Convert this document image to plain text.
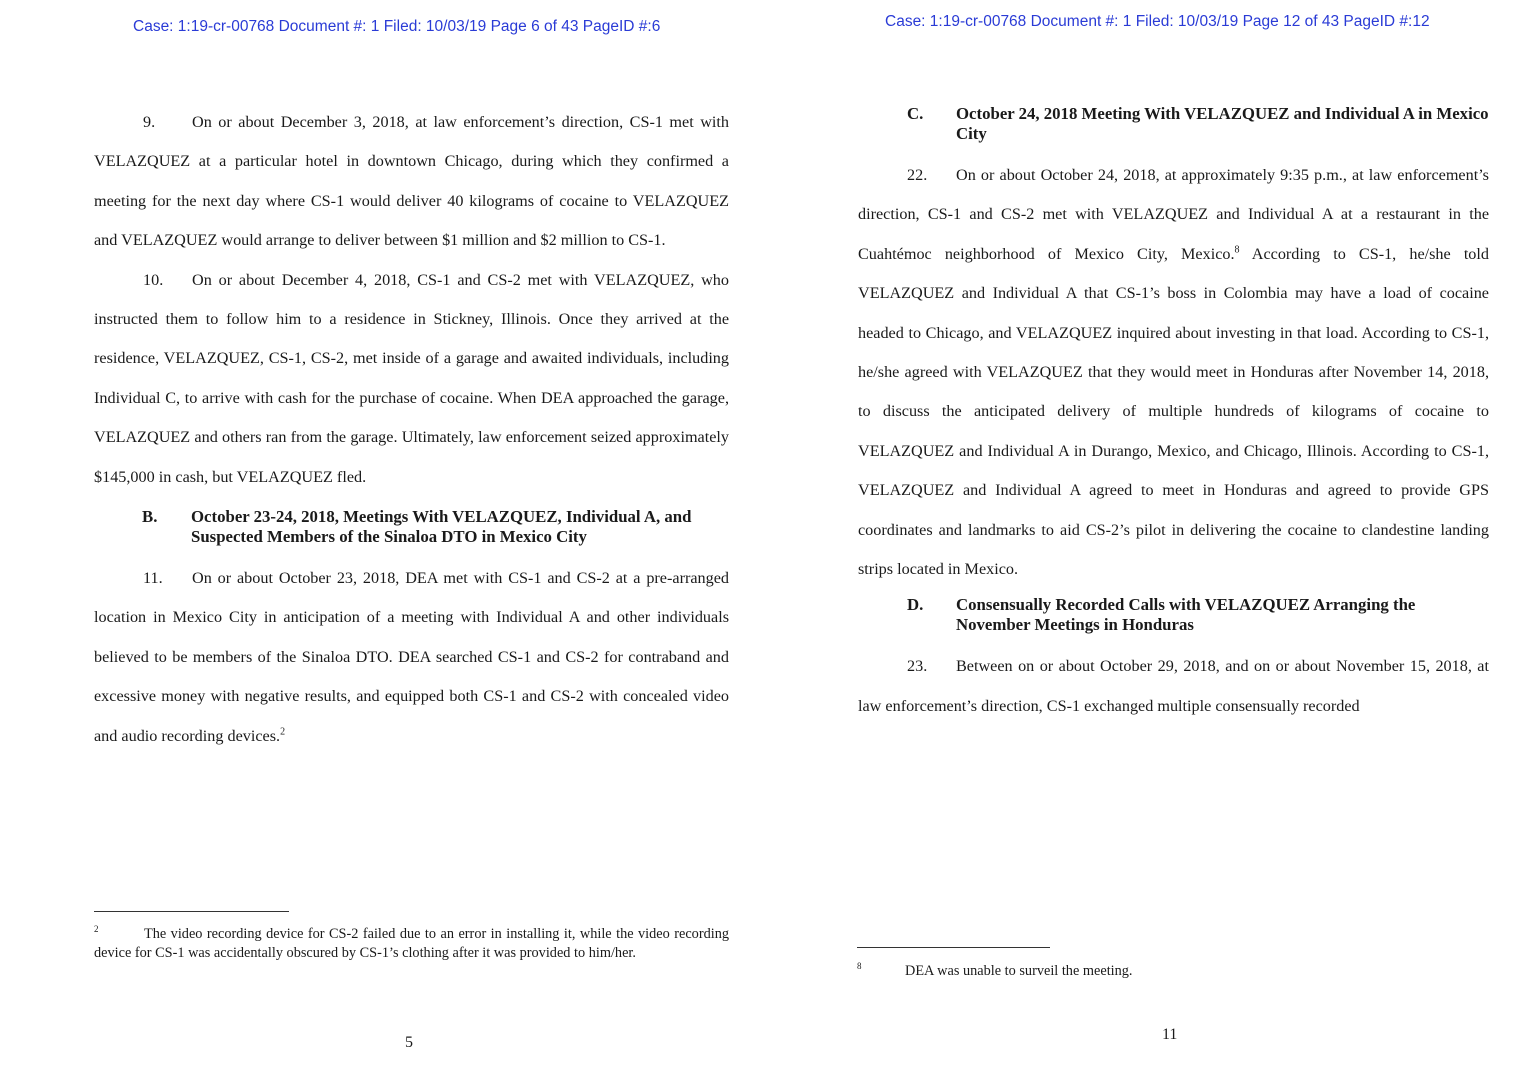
Case: 1:19-cr-00768 Document #: 1 Filed: 10/03/19 Page 6 of 43 PageID #:6

9. On or about December 3, 2018, at law enforcement’s direction, CS-1 met with VELAZQUEZ at a particular hotel in downtown Chicago, during which they confirmed a meeting for the next day where CS-1 would deliver 40 kilograms of cocaine to VELAZQUEZ and VELAZQUEZ would arrange to deliver between $1 million and $2 million to CS-1.

10. On or about December 4, 2018, CS-1 and CS-2 met with VELAZQUEZ, who instructed them to follow him to a residence in Stickney, Illinois. Once they arrived at the residence, VELAZQUEZ, CS-1, CS-2, met inside of a garage and awaited individuals, including Individual C, to arrive with cash for the purchase of cocaine. When DEA approached the garage, VELAZQUEZ and others ran from the garage. Ultimately, law enforcement seized approximately $145,000 in cash, but VELAZQUEZ fled.

B.	October 23-24, 2018, Meetings With VELAZQUEZ, Individual A, and Suspected Members of the Sinaloa DTO in Mexico City

11. On or about October 23, 2018, DEA met with CS-1 and CS-2 at a pre-arranged location in Mexico City in anticipation of a meeting with Individual A and other individuals believed to be members of the Sinaloa DTO. DEA searched CS-1 and CS-2 for contraband and excessive money with negative results, and equipped both CS-1 and CS-2 with concealed video and audio recording devices.$^2$

2	The video recording device for CS-2 failed due to an error in installing it, while the video recording device for CS-1 was accidentally obscured by CS-1’s clothing after it was provided to him/her.
5
Case: 1:19-cr-00768 Document #: 1 Filed: 10/03/19 Page 12 of 43 PageID #:12
C.	October 24, 2018 Meeting With VELAZQUEZ and Individual A in Mexico City

22. On or about October 24, 2018, at approximately 9:35 p.m., at law enforcement’s direction, CS-1 and CS-2 met with VELAZQUEZ and Individual A at a restaurant in the Cuahtémoc neighborhood of Mexico City, Mexico.$^8$ According to CS-1, he/she told VELAZQUEZ and Individual A that CS-1’s boss in Colombia may have a load of cocaine headed to Chicago, and VELAZQUEZ inquired about investing in that load. According to CS-1, he/she agreed with VELAZQUEZ that they would meet in Honduras after November 14, 2018, to discuss the anticipated delivery of multiple hundreds of kilograms of cocaine to VELAZQUEZ and Individual A in Durango, Mexico, and Chicago, Illinois. According to CS-1, VELAZQUEZ and Individual A agreed to meet in Honduras and agreed to provide GPS coordinates and landmarks to aid CS-2’s pilot in delivering the cocaine to clandestine landing strips located in Mexico.

D.	Consensually Recorded Calls with VELAZQUEZ Arranging the November Meetings in Honduras

23. Between on or about October 29, 2018, and on or about November 15, 2018, at law enforcement’s direction, CS-1 exchanged multiple consensually recorded

8	DEA was unable to surveil the meeting.
11
